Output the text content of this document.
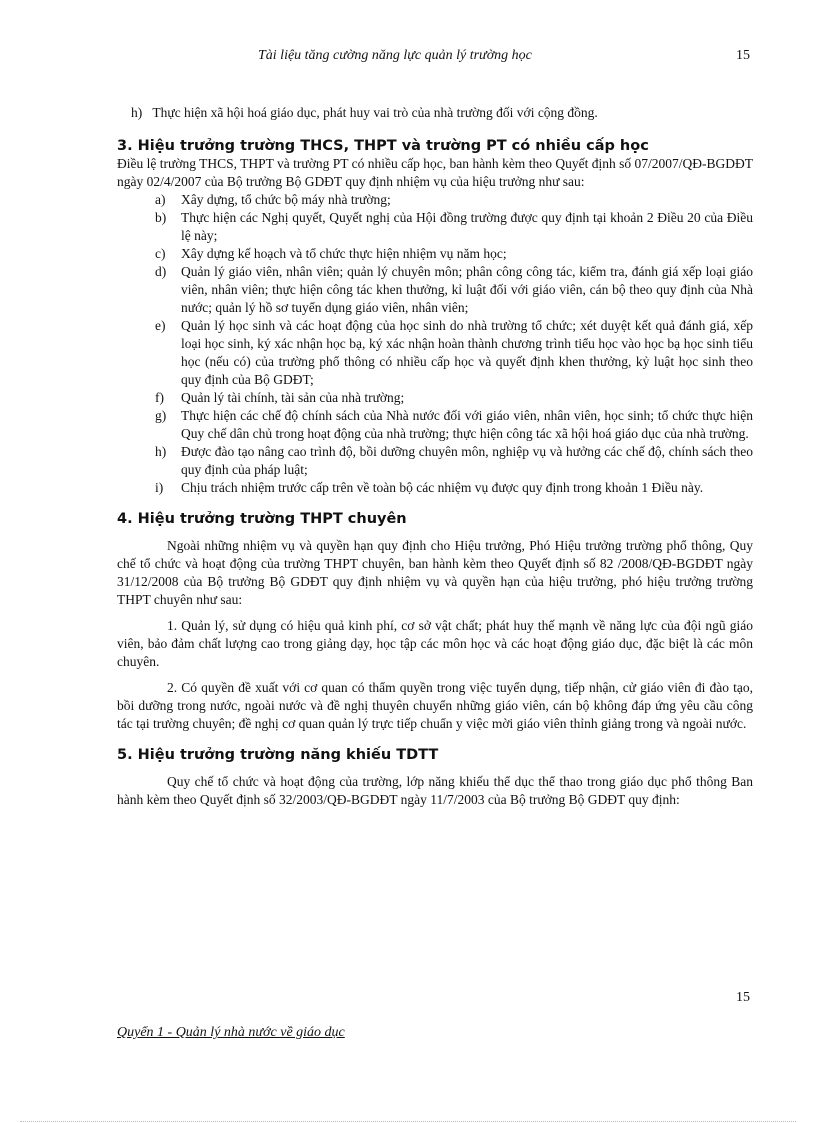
Tài liệu tăng cường năng lực quản lý trường học	15

h) Thực hiện xã hội hoá giáo dục, phát huy vai trò của nhà trường đối với cộng đồng.

3. Hiệu trưởng trường THCS, THPT và trường PT có nhiều cấp học

Điều lệ trường THCS, THPT và trường PT có nhiều cấp học, ban hành kèm theo Quyết định số 07/2007/QĐ-BGDĐT ngày 02/4/2007 của Bộ trưởng Bộ GDĐT quy định nhiệm vụ của hiệu trưởng như sau:

a) Xây dựng, tổ chức bộ máy nhà trường;
b) Thực hiện các Nghị quyết, Quyết nghị của Hội đồng trường được quy định tại khoản 2 Điều 20 của Điều lệ này;
c) Xây dựng kế hoạch và tổ chức thực hiện nhiệm vụ năm học;
d) Quản lý giáo viên, nhân viên; quản lý chuyên môn; phân công công tác, kiểm tra, đánh giá xếp loại giáo viên, nhân viên; thực hiện công tác khen thưởng, kỉ luật đối với giáo viên, cán bộ theo quy định của Nhà nước; quản lý hồ sơ tuyển dụng giáo viên, nhân viên;
e) Quản lý học sinh và các hoạt động của học sinh do nhà trường tổ chức; xét duyệt kết quả đánh giá, xếp loại học sinh, ký xác nhận học bạ, ký xác nhận hoàn thành chương trình tiểu học vào học bạ học sinh tiểu học (nếu có) của trường phổ thông có nhiều cấp học và quyết định khen thưởng, kỷ luật học sinh theo quy định của Bộ GDĐT;
f) Quản lý tài chính, tài sản của nhà trường;
g) Thực hiện các chế độ chính sách của Nhà nước đối với giáo viên, nhân viên, học sinh; tổ chức thực hiện Quy chế dân chủ trong hoạt động của nhà trường; thực hiện công tác xã hội hoá giáo dục của nhà trường.
h) Được đào tạo nâng cao trình độ, bồi dưỡng chuyên môn, nghiệp vụ và hưởng các chế độ, chính sách theo quy định của pháp luật;
i) Chịu trách nhiệm trước cấp trên về toàn bộ các nhiệm vụ được quy định trong khoản 1 Điều này.
4. Hiệu trưởng trường THPT chuyên

Ngoài những nhiệm vụ và quyền hạn quy định cho Hiệu trưởng, Phó Hiệu trưởng trường phổ thông, Quy chế tổ chức và hoạt động của trường THPT chuyên, ban hành kèm theo Quyết định số 82 /2008/QĐ-BGDĐT ngày 31/12/2008 của Bộ trưởng Bộ GDĐT quy định nhiệm vụ và quyền hạn của hiệu trưởng, phó hiệu trưởng trường THPT chuyên như sau:

1. Quản lý, sử dụng có hiệu quả kinh phí, cơ sở vật chất; phát huy thế mạnh về năng lực của đội ngũ giáo viên, bảo đảm chất lượng cao trong giảng dạy, học tập các môn học và các hoạt động giáo dục, đặc biệt là các môn chuyên.

2. Có quyền đề xuất với cơ quan có thẩm quyền trong việc tuyển dụng, tiếp nhận, cử giáo viên đi đào tạo, bồi dưỡng trong nước, ngoài nước và đề nghị thuyên chuyển những giáo viên, cán bộ không đáp ứng yêu cầu công tác tại trường chuyên; đề nghị cơ quan quản lý trực tiếp chuẩn y việc mời giáo viên thỉnh giảng trong và ngoài nước.

5. Hiệu trưởng trường năng khiếu TDTT

Quy chế tổ chức và hoạt động của trường, lớp năng khiếu thể dục thể thao trong giáo dục phổ thông Ban hành kèm theo Quyết định số 32/2003/QĐ-BGDĐT ngày 11/7/2003 của Bộ trưởng Bộ GDĐT quy định:

15
Quyển 1 - Quản lý nhà nước về giáo dục
